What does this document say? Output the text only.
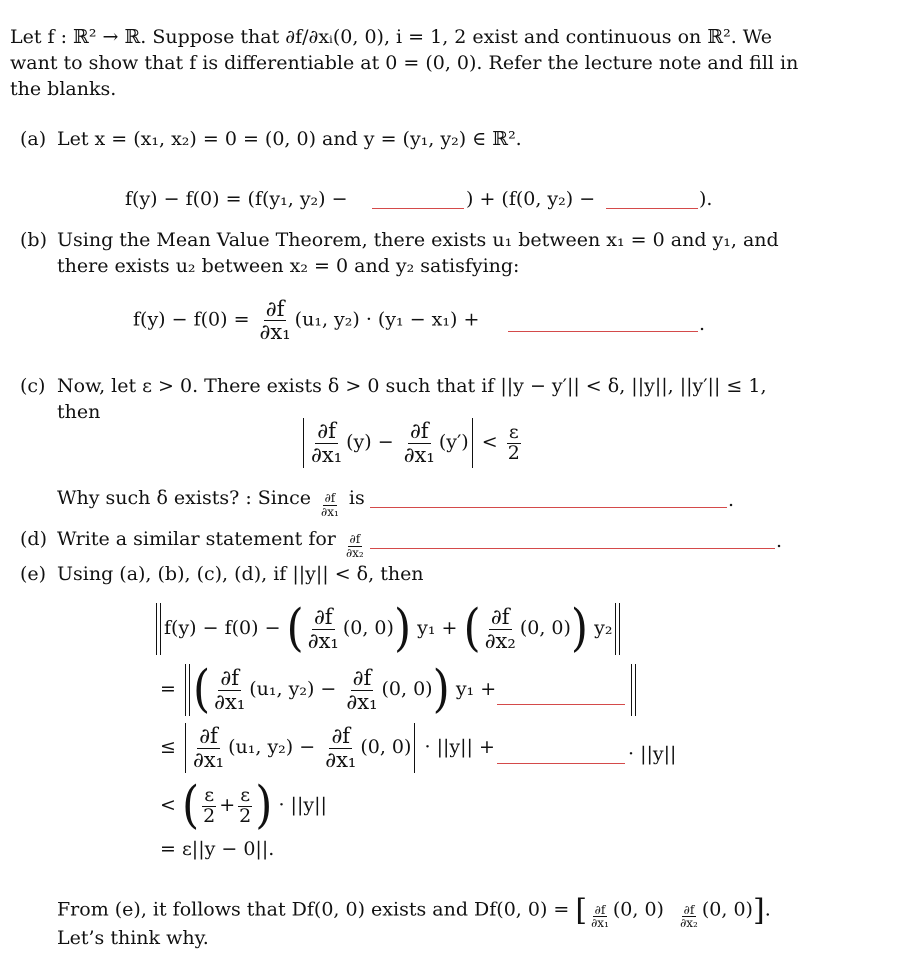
Let f : ℝ² → ℝ. Suppose that ∂f/∂xᵢ(0, 0), i = 1, 2 exist and continuous on ℝ². We
want to show that f is differentiable at 0 = (0, 0). Refer the lecture note and fill in
the blanks.
(a) Let x = (x₁, x₂) = 0 = (0, 0) and y = (y₁, y₂) ∈ ℝ².
f(y) − f(0) = (f(y₁, y₂) −	) + (f(0, y₂) −	).
(b) Using the Mean Value Theorem, there exists u₁ between x₁ = 0 and y₁, and
there exists u₂ between x₂ = 0 and y₂ satisfying:
$f(y) - f(0) = \frac{\partial f}{\text{∂x₁}} (u_1$, y₂) · (y₁ − x₁) +	.
(c) Now, let ε > 0. There exists δ > 0 such that if ||y − y′|| < δ, ||y||, ||y′|| ≤ 1,
then
$\frac{\partial f}{\text{∂x₁}} (y) - \frac{\partial f}{\text{∂x₁}} (y') < \frac{\varepsilon}{2}$
Why such δ exists? : Since $\frac{\partial f}{\text{∂x₁}}$ is	.
(d) Write a similar statement for $\frac{\partial f}{\text{∂x₂}}$	.
(e) Using (a), (b), (c), (d), if ||y|| < δ, then
f(y) − f(0) − ( $\frac{\partial f}{\text{∂x₁}} (0$, 0)) y₁ + ( $\frac{\partial f}{\text{∂x₂}} (0$, 0)) y₂
= ( $\frac{\partial f}{\text{∂x₁}} (u_1$, $y_2) - \frac{\partial f}{\text{∂x₁}} (0$, 0)) y₁ +
≤ $\frac{\partial f}{\text{∂x₁}} (u_1$, $y_2) - \frac{\partial f}{\text{∂x₁}} (0$, 0) · ||y|| +	· ||y||
< ( $\frac{\varepsilon}{2} + \frac{\varepsilon}{2}$ ) · ||y||
= ε||y − 0||.
From (e), it follows that Df(0, 0) exists and Df(0, 0) = [ $\frac{\partial f}{\text{∂x₁}} (0$, $0) \frac{\partial f}{\text{∂x₂}} (0$, 0)].
Let’s think why.
